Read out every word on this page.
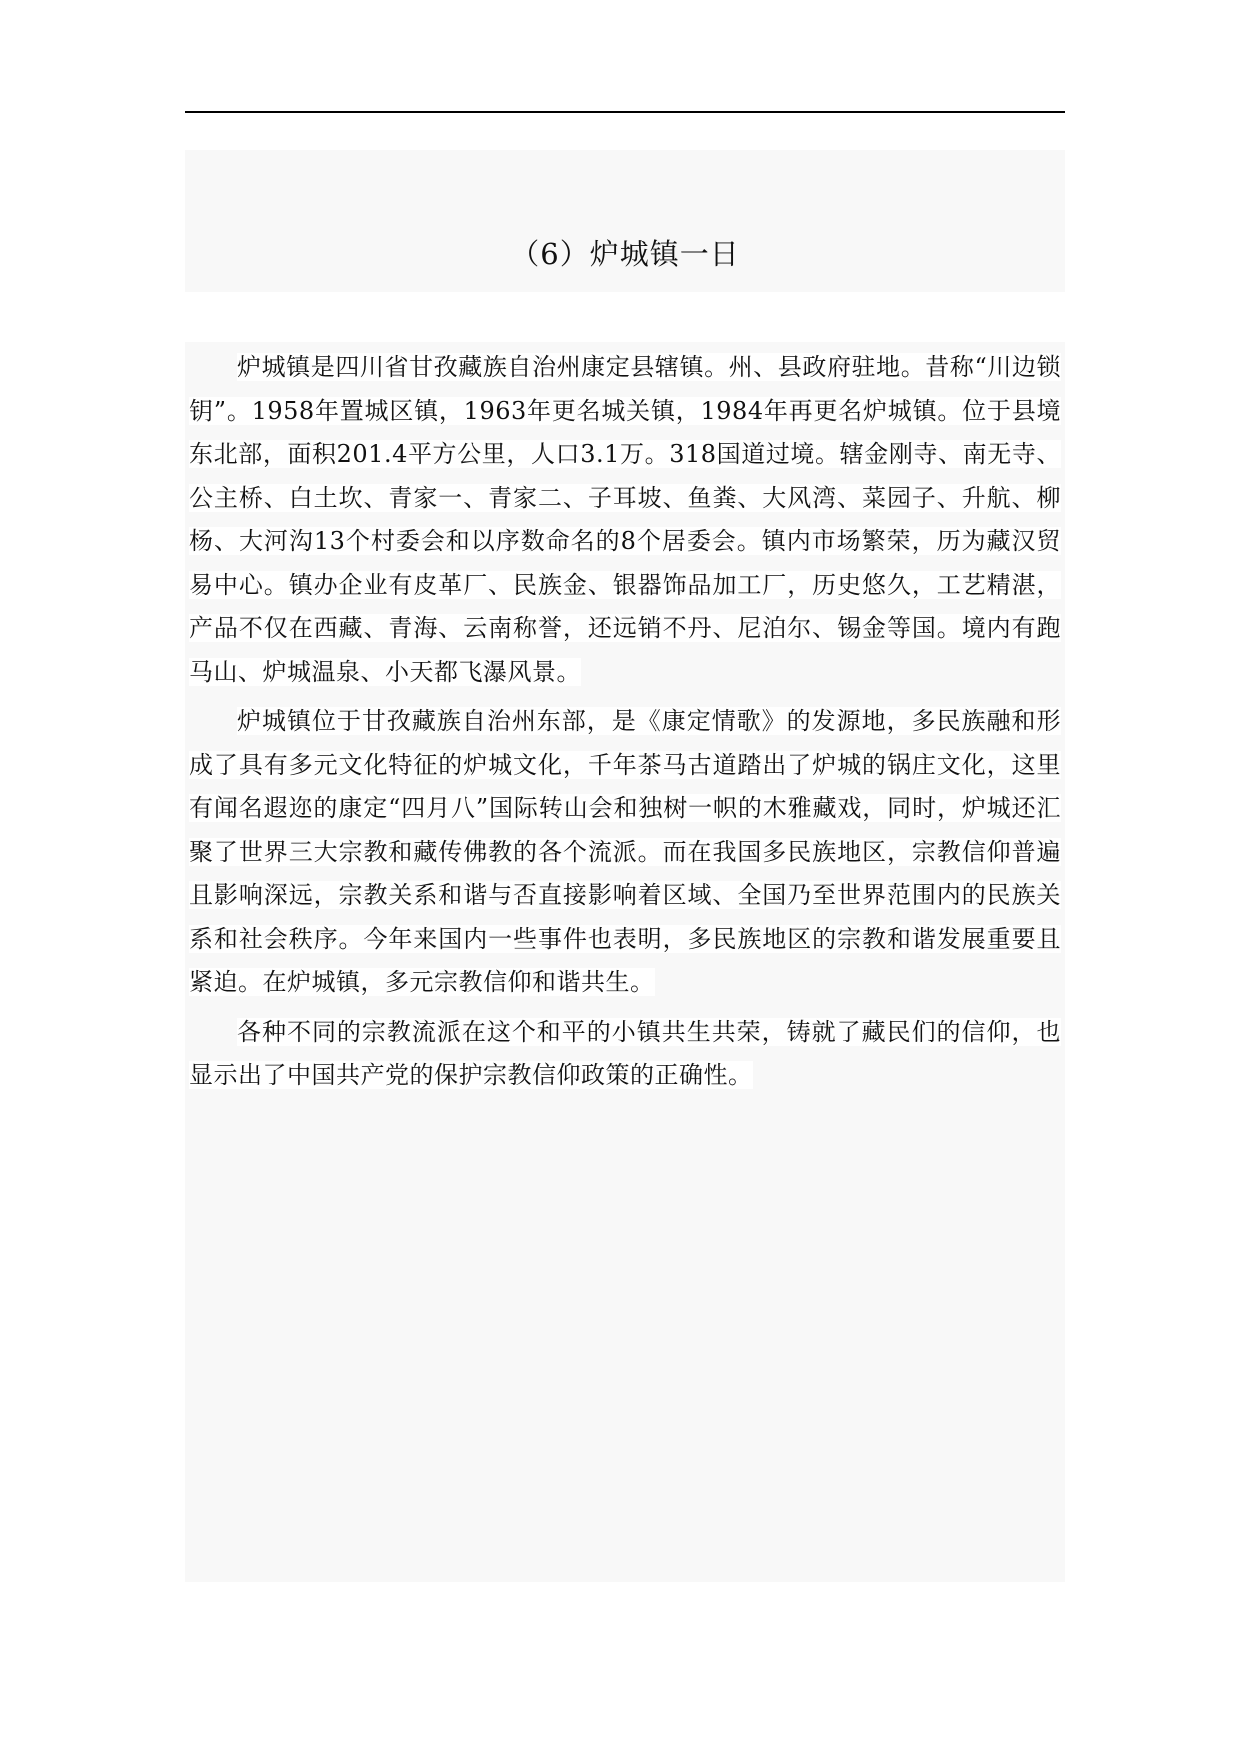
（6）炉城镇一日

炉城镇是四川省甘孜藏族自治州康定县辖镇。州、县政府驻地。昔称“川边锁钥”。1958年置城区镇，1963年更名城关镇，1984年再更名炉城镇。位于县境东北部，面积201.4平方公里，人口3.1万。318国道过境。辖金刚寺、南无寺、公主桥、白土坎、青家一、青家二、子耳坡、鱼粪、大风湾、菜园子、升航、柳杨、大河沟13个村委会和以序数命名的8个居委会。镇内市场繁荣，历为藏汉贸易中心。镇办企业有皮革厂、民族金、银器饰品加工厂，历史悠久，工艺精湛，产品不仅在西藏、青海、云南称誉，还远销不丹、尼泊尔、锡金等国。境内有跑马山、炉城温泉、小天都飞瀑风景。

炉城镇位于甘孜藏族自治州东部，是《康定情歌》的发源地，多民族融和形成了具有多元文化特征的炉城文化，千年茶马古道踏出了炉城的锅庄文化，这里有闻名遐迩的康定“四月八”国际转山会和独树一帜的木雅藏戏，同时，炉城还汇聚了世界三大宗教和藏传佛教的各个流派。而在我国多民族地区，宗教信仰普遍且影响深远，宗教关系和谐与否直接影响着区域、全国乃至世界范围内的民族关系和社会秩序。今年来国内一些事件也表明，多民族地区的宗教和谐发展重要且紧迫。在炉城镇，多元宗教信仰和谐共生。

各种不同的宗教流派在这个和平的小镇共生共荣，铸就了藏民们的信仰，也显示出了中国共产党的保护宗教信仰政策的正确性。
